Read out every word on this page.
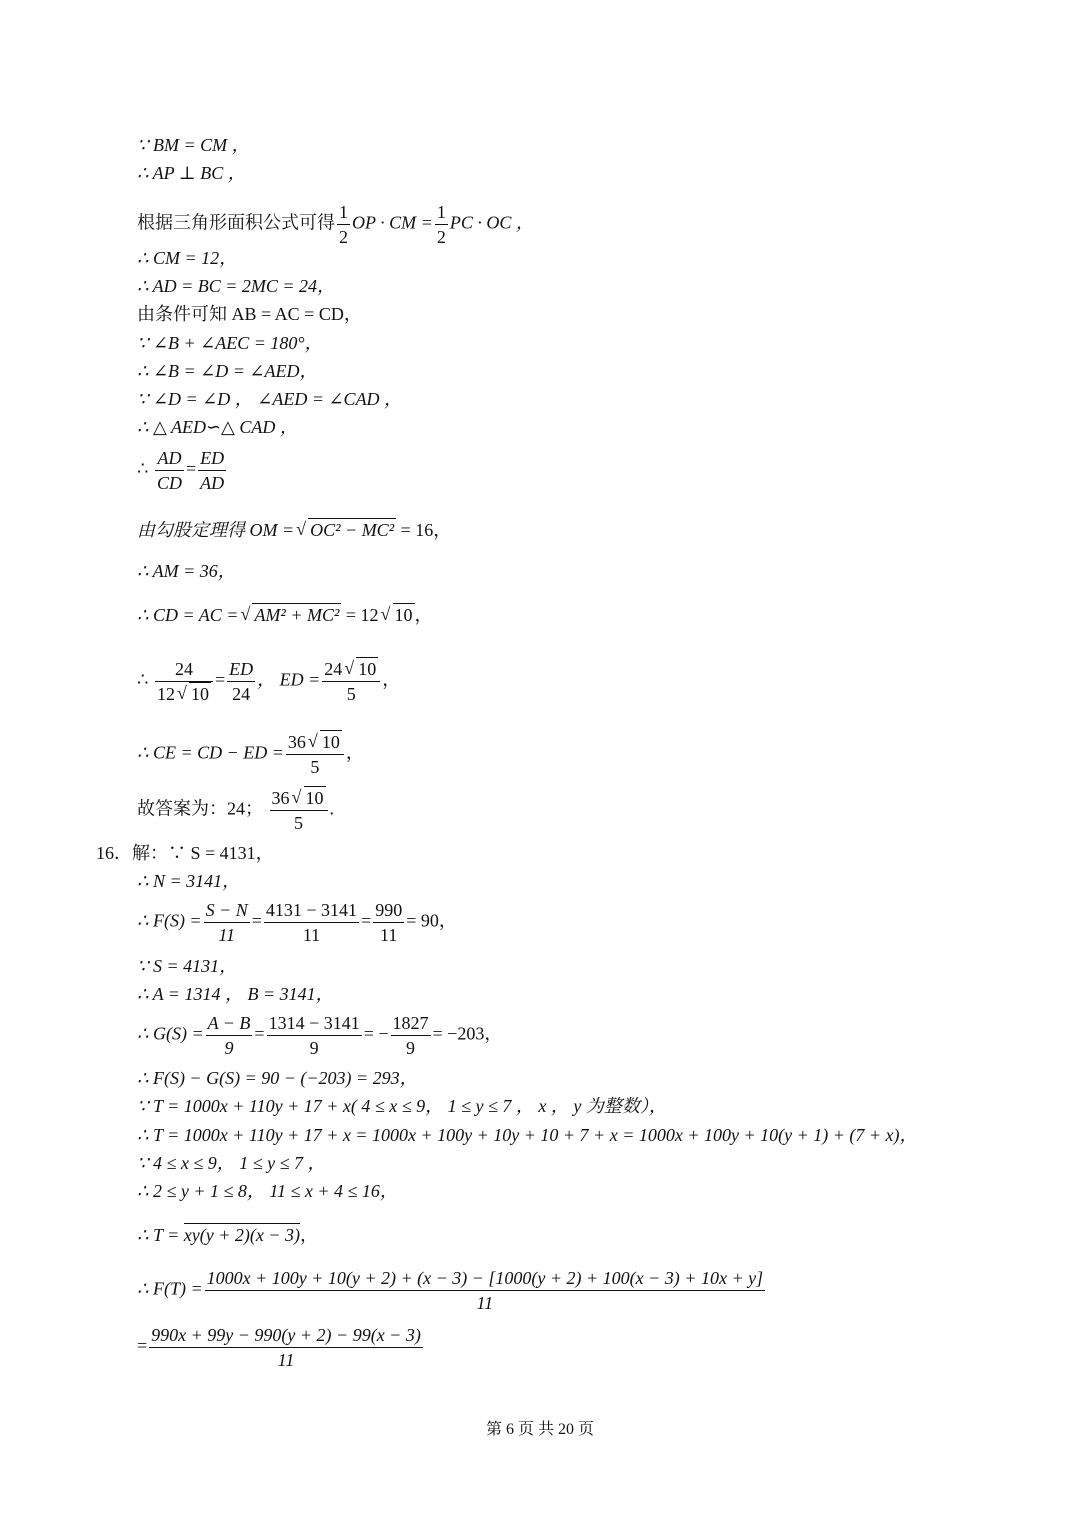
∵ BM = CM ，
∴ AP ⊥ BC ，
根据三角形面积公式可得 $\frac{1}{2}$ OP · CM = $\frac{1}{2}$ PC · OC ，
∴ CM = 12，
∴ AD = BC = 2MC = 24，
由条件可知 AB = AC = CD，
∵ ∠B + ∠AEC = 180°，
∴ ∠B = ∠D = ∠AED，
∵ ∠D = ∠D ， ∠AED = ∠CAD ，
∴ △ AED∽△ CAD ，
∴ $\frac{AD}{CD} = \frac{ED}{AD}$
由勾股定理得 OM = √ OC² − MC² = 16，
∴ AM = 36，
∴ CD = AC = √ AM² + MC² = 12 √ 10 ，
∴ $\frac{24}{12 √ 10} = \frac{ED}{24}$ ， ED = $\frac{24 √ 10}{5}$ ，
∴ CE = CD − ED = $\frac{36 √ 10}{5}$ ，
故答案为：24； $\frac{36 √ 10}{5}$ .
16．解：∵ S = 4131，
∴ N = 3141，
∴ $F(S) = \frac{S - N}{11} = \frac{4131 - 3141}{11} = \frac{990}{11} = 90$，
∵ S = 4131，
∴ A = 1314 ， B = 3141，
∴ $G(S) = \frac{A - B}{9} = \frac{1314 - 3141}{9}$ = − $\frac{1827}{9} = -203$，
∴ F(S) − G(S) = 90 − (−203) = 293，
∵ T = 1000x + 110y + 17 + x( 4 ≤ x ≤ 9， 1 ≤ y ≤ 7 ， x ， y 为整数），
∴ T = 1000x + 110y + 17 + x = 1000x + 100y + 10y + 10 + 7 + x = 1000x + 100y + 10(y + 1) + (7 + x)，
∵ 4 ≤ x ≤ 9， 1 ≤ y ≤ 7 ，
∴ 2 ≤ y + 1 ≤ 8， 11 ≤ x + 4 ≤ 16，
∴ T = xy(y + 2)(x − 3)，
∴ F(T) =
1000x + 100y + 10(y + 2) + (x − 3) − [1000(y + 2) + 100(x − 3) + 10x + y]
11
= $\frac{990x + 99y - 990(y + 2) - 99(x - 3)}{11}$
第 6 页 共 20 页
